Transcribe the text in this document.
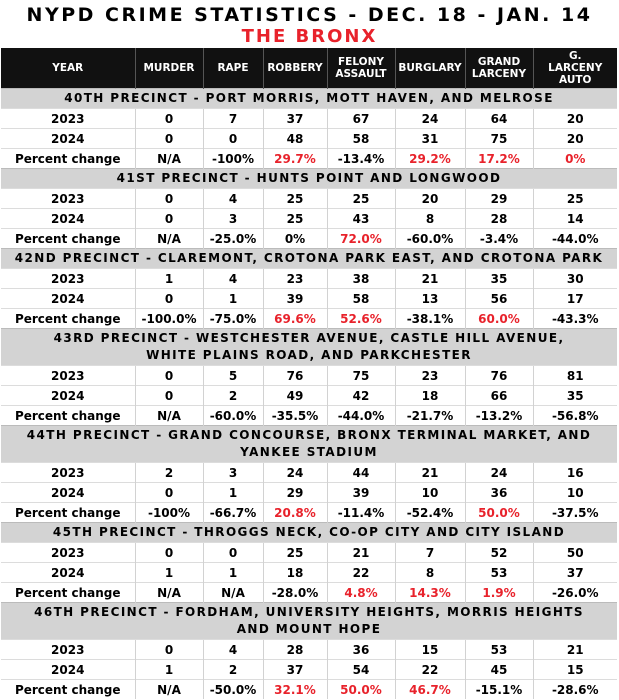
NYPD CRIME STATISTICS - DEC. 18 - JAN. 14
THE BRONX
YEAR	MURDER	RAPE	ROBBERY	FELONY ASSAULT	BURGLARY	GRAND LARCENY	G. LARCENY AUTO

40TH PRECINCT - PORT MORRIS, MOTT HAVEN, AND MELROSE							

2023	0	7	37	67	24	64	20
2024	0	0	48	58	31	75	20
Percent change	N/A	-100%	29.7%	-13.4%	29.2%	17.2%	0%

41ST PRECINCT - HUNTS POINT AND LONGWOOD							

2023	0	4	25	25	20	29	25
2024	0	3	25	43	8	28	14
Percent change	N/A	-25.0%	0%	72.0%	-60.0%	-3.4%	-44.0%

42ND PRECINCT - CLAREMONT, CROTONA PARK EAST, AND CROTONA PARK							

2023	1	4	23	38	21	35	30
2024	0	1	39	58	13	56	17
Percent change	-100.0%	-75.0%	69.6%	52.6%	-38.1%	60.0%	-43.3%

43RD PRECINCT - WESTCHESTER AVENUE, CASTLE HILL AVENUE,
WHITE PLAINS ROAD, AND PARKCHESTER							

2023	0	5	76	75	23	76	81
2024	0	2	49	42	18	66	35
Percent change	N/A	-60.0%	-35.5%	-44.0%	-21.7%	-13.2%	-56.8%

44TH PRECINCT - GRAND CONCOURSE, BRONX TERMINAL MARKET, AND
YANKEE STADIUM							

2023	2	3	24	44	21	24	16
2024	0	1	29	39	10	36	10
Percent change	-100%	-66.7%	20.8%	-11.4%	-52.4%	50.0%	-37.5%

45TH PRECINCT - THROGGS NECK, CO-OP CITY AND CITY ISLAND							

2023	0	0	25	21	7	52	50
2024	1	1	18	22	8	53	37
Percent change	N/A	N/A	-28.0%	4.8%	14.3%	1.9%	-26.0%

46TH PRECINCT - FORDHAM, UNIVERSITY HEIGHTS, MORRIS HEIGHTS
AND MOUNT HOPE							

2023	0	4	28	36	15	53	21
2024	1	2	37	54	22	45	15
Percent change	N/A	-50.0%	32.1%	50.0%	46.7%	-15.1%	-28.6%
